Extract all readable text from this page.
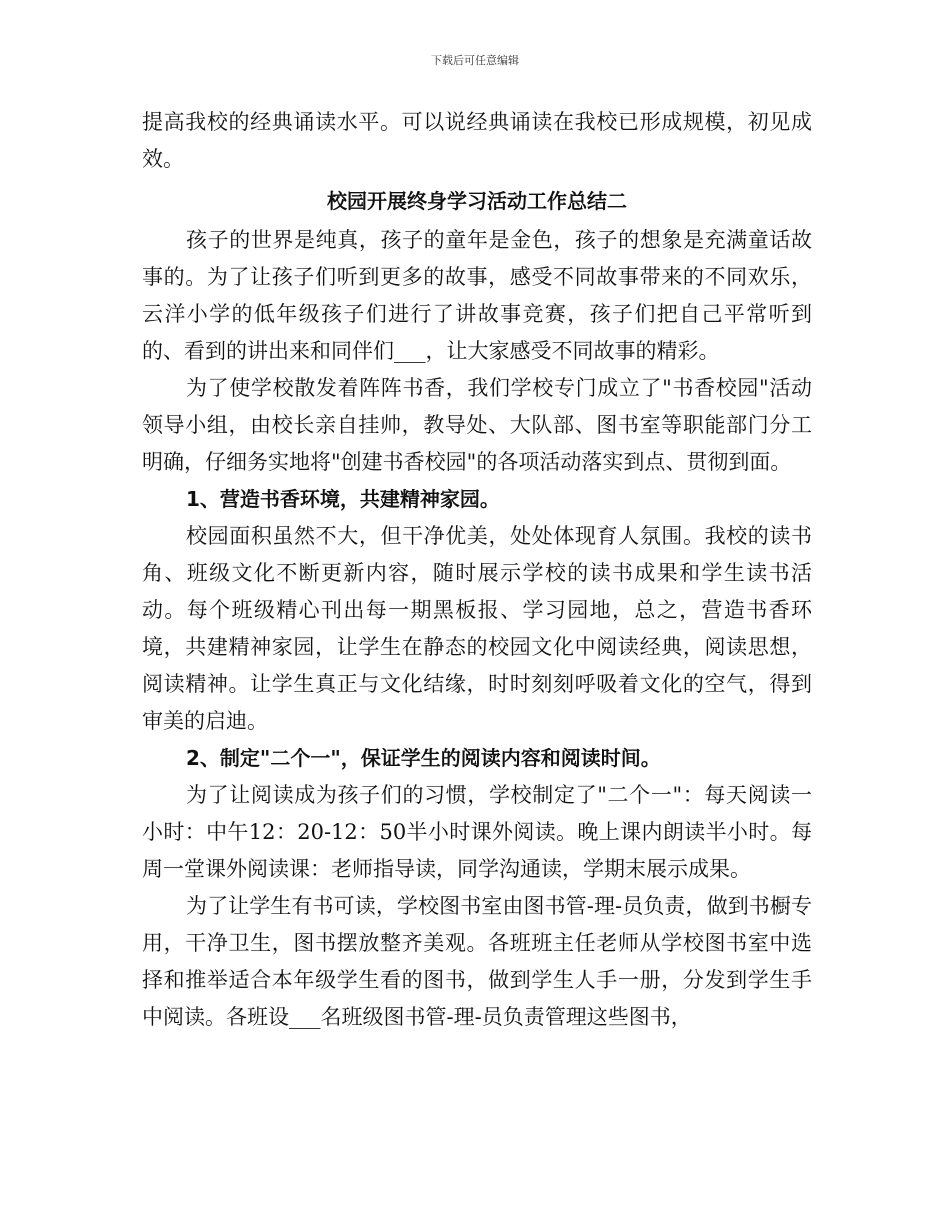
下载后可任意编辑

提高我校的经典诵读水平。可以说经典诵读在我校已形成规模，初见成效。

校园开展终身学习活动工作总结二

孩子的世界是纯真，孩子的童年是金色，孩子的想象是充满童话故事的。为了让孩子们听到更多的故事，感受不同故事带来的不同欢乐，云洋小学的低年级孩子们进行了讲故事竞赛，孩子们把自己平常听到的、看到的讲出来和同伴们___，让大家感受不同故事的精彩。

为了使学校散发着阵阵书香，我们学校专门成立了"书香校园"活动领导小组，由校长亲自挂帅，教导处、大队部、图书室等职能部门分工明确，仔细务实地将"创建书香校园"的各项活动落实到点、贯彻到面。

1、营造书香环境，共建精神家园。

校园面积虽然不大，但干净优美，处处体现育人氛围。我校的读书角、班级文化不断更新内容，随时展示学校的读书成果和学生读书活动。每个班级精心刊出每一期黑板报、学习园地，总之，营造书香环境，共建精神家园，让学生在静态的校园文化中阅读经典，阅读思想，阅读精神。让学生真正与文化结缘，时时刻刻呼吸着文化的空气，得到审美的启迪。

2、制定"二个一"，保证学生的阅读内容和阅读时间。

为了让阅读成为孩子们的习惯，学校制定了"二个一"：每天阅读一小时：中午12：20-12：50半小时课外阅读。晚上课内朗读半小时。每周一堂课外阅读课：老师指导读，同学沟通读，学期末展示成果。

为了让学生有书可读，学校图书室由图书管-理-员负责，做到书橱专用，干净卫生，图书摆放整齐美观。各班班主任老师从学校图书室中选择和推举适合本年级学生看的图书，做到学生人手一册，分发到学生手中阅读。各班设___名班级图书管-理-员负责管理这些图书，
